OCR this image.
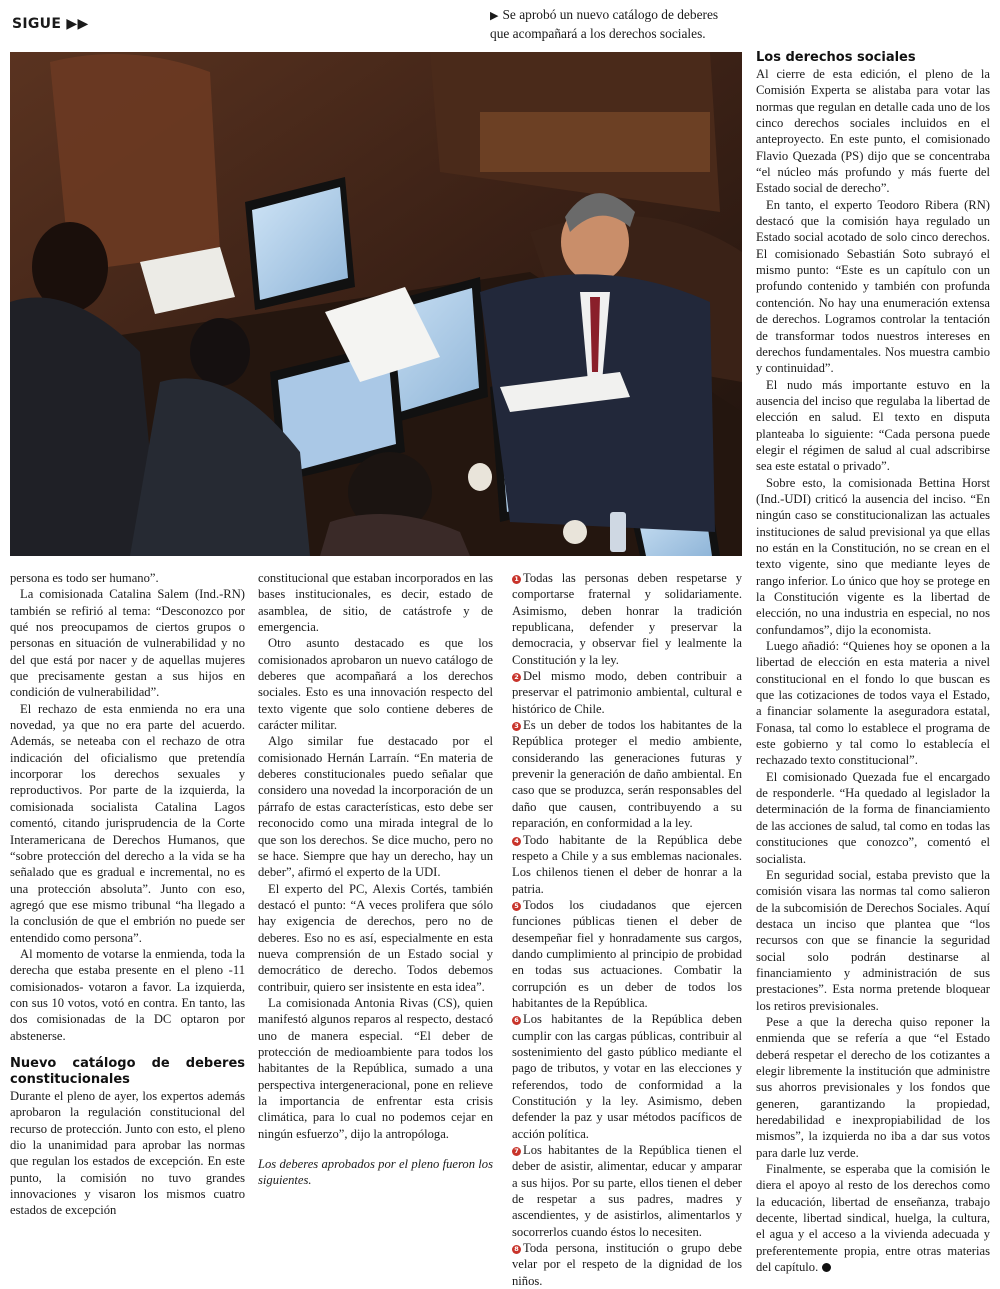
SIGUE ▶▶	▶ Se aprobó un nuevo catálogo de deberes que acompañará a los derechos sociales.

persona es todo ser humano”.

La comisionada Catalina Salem (Ind.-RN) también se refirió al tema: “Desconozco por qué nos preocupamos de ciertos grupos o personas en situación de vulnerabilidad y no del que está por nacer y de aquellas mujeres que precisamente gestan a sus hijos en condición de vulnerabilidad”.

El rechazo de esta enmienda no era una novedad, ya que no era parte del acuerdo. Además, se neteaba con el rechazo de otra indicación del oficialismo que pretendía incorporar los derechos sexuales y reproductivos. Por parte de la izquierda, la comisionada socialista Catalina Lagos comentó, citando jurisprudencia de la Corte Interamericana de Derechos Humanos, que “sobre protección del derecho a la vida se ha señalado que es gradual e incremental, no es una protección absoluta”. Junto con eso, agregó que ese mismo tribunal “ha llegado a la conclusión de que el embrión no puede ser entendido como persona”.

Al momento de votarse la enmienda, toda la derecha que estaba presente en el pleno -11 comisionados- votaron a favor. La izquierda, con sus 10 votos, votó en contra. En tanto, las dos comisionadas de la DC optaron por abstenerse.

Nuevo catálogo de deberes constitucionales

Durante el pleno de ayer, los expertos además aprobaron la regulación constitucional del recurso de protección. Junto con esto, el pleno dio la unanimidad para aprobar las normas que regulan los estados de excepción. En este punto, la comisión no tuvo grandes innovaciones y visaron los mismos cuatro estados de excepción

constitucional que estaban incorporados en las bases institucionales, es decir, estado de asamblea, de sitio, de catástrofe y de emergencia.

Otro asunto destacado es que los comisionados aprobaron un nuevo catálogo de deberes que acompañará a los derechos sociales. Esto es una innovación respecto del texto vigente que solo contiene deberes de carácter militar.

Algo similar fue destacado por el comisionado Hernán Larraín. “En materia de deberes constitucionales puedo señalar que considero una novedad la incorporación de un párrafo de estas características, esto debe ser reconocido como una mirada integral de lo que son los derechos. Se dice mucho, pero no se hace. Siempre que hay un derecho, hay un deber”, afirmó el experto de la UDI.

El experto del PC, Alexis Cortés, también destacó el punto: “A veces prolifera que sólo hay exigencia de derechos, pero no de deberes. Eso no es así, especialmente en esta nueva comprensión de un Estado social y democrático de derecho. Todos debemos contribuir, quiero ser insistente en esta idea”.

La comisionada Antonia Rivas (CS), quien manifestó algunos reparos al respecto, destacó uno de manera especial. “El deber de protección de medioambiente para todos los habitantes de la República, sumado a una perspectiva intergeneracional, pone en relieve la importancia de enfrentar esta crisis climática, para lo cual no podemos cejar en ningún esfuerzo”, dijo la antropóloga.

Los deberes aprobados por el pleno fueron los siguientes.

1 Todas las personas deben respetarse y comportarse fraternal y solidariamente. Asimismo, deben honrar la tradición republicana, defender y preservar la democracia, y observar fiel y lealmente la Constitución y la ley.

2 Del mismo modo, deben contribuir a preservar el patrimonio ambiental, cultural e histórico de Chile.

3 Es un deber de todos los habitantes de la República proteger el medio ambiente, considerando las generaciones futuras y prevenir la generación de daño ambiental. En caso que se produzca, serán responsables del daño que causen, contribuyendo a su reparación, en conformidad a la ley.

4 Todo habitante de la República debe respeto a Chile y a sus emblemas nacionales. Los chilenos tienen el deber de honrar a la patria.

5 Todos los ciudadanos que ejercen funciones públicas tienen el deber de desempeñar fiel y honradamente sus cargos, dando cumplimiento al principio de probidad en todas sus actuaciones. Combatir la corrupción es un deber de todos los habitantes de la República.

6 Los habitantes de la República deben cumplir con las cargas públicas, contribuir al sostenimiento del gasto público mediante el pago de tributos, y votar en las elecciones y referendos, todo de conformidad a la Constitución y la ley. Asimismo, deben defender la paz y usar métodos pacíficos de acción política.

7 Los habitantes de la República tienen el deber de asistir, alimentar, educar y amparar a sus hijos. Por su parte, ellos tienen el deber de respetar a sus padres, madres y ascendientes, y de asistirlos, alimentarlos y socorrerlos cuando éstos lo necesiten.

8 Toda persona, institución o grupo debe velar por el respeto de la dignidad de los niños.

Los derechos sociales

Al cierre de esta edición, el pleno de la Comisión Experta se alistaba para votar las normas que regulan en detalle cada uno de los cinco derechos sociales incluidos en el anteproyecto. En este punto, el comisionado Flavio Quezada (PS) dijo que se concentraba “el núcleo más profundo y más fuerte del Estado social de derecho”.

En tanto, el experto Teodoro Ribera (RN) destacó que la comisión haya regulado un Estado social acotado de solo cinco derechos. El comisionado Sebastián Soto subrayó el mismo punto: “Este es un capítulo con un profundo contenido y también con profunda contención. No hay una enumeración extensa de derechos. Logramos controlar la tentación de transformar todos nuestros intereses en derechos fundamentales. Nos muestra cambio y continuidad”.

El nudo más importante estuvo en la ausencia del inciso que regulaba la libertad de elección en salud. El texto en disputa planteaba lo siguiente: “Cada persona puede elegir el régimen de salud al cual adscribirse sea este estatal o privado”.

Sobre esto, la comisionada Bettina Horst (Ind.-UDI) criticó la ausencia del inciso. “En ningún caso se constitucionalizan las actuales instituciones de salud previsional ya que ellas no están en la Constitución, no se crean en el texto vigente, sino que mediante leyes de rango inferior. Lo único que hoy se protege en la Constitución vigente es la libertad de elección, no una industria en especial, no nos confundamos”, dijo la economista.

Luego añadió: “Quienes hoy se oponen a la libertad de elección en esta materia a nivel constitucional en el fondo lo que buscan es que las cotizaciones de todos vaya el Estado, a financiar solamente la aseguradora estatal, Fonasa, tal como lo establece el programa de este gobierno y tal como lo establecía el rechazado texto constitucional”.

El comisionado Quezada fue el encargado de responderle. “Ha quedado al legislador la determinación de la forma de financiamiento de las acciones de salud, tal como en todas las constituciones que conozco”, comentó el socialista.

En seguridad social, estaba previsto que la comisión visara las normas tal como salieron de la subcomisión de Derechos Sociales. Aquí destaca un inciso que plantea que “los recursos con que se financie la seguridad social solo podrán destinarse al financiamiento y administración de sus prestaciones”. Esta norma pretende bloquear los retiros previsionales.

Pese a que la derecha quiso reponer la enmienda que se refería a que “el Estado deberá respetar el derecho de los cotizantes a elegir libremente la institución que administre sus ahorros previsionales y los fondos que generen, garantizando la propiedad, heredabilidad e inexpropiabilidad de los mismos”, la izquierda no iba a dar sus votos para darle luz verde.

Finalmente, se esperaba que la comisión le diera el apoyo al resto de los derechos como la educación, libertad de enseñanza, trabajo decente, libertad sindical, huelga, la cultura, el agua y el acceso a la vivienda adecuada y preferentemente propia, entre otras materias del capítulo.
